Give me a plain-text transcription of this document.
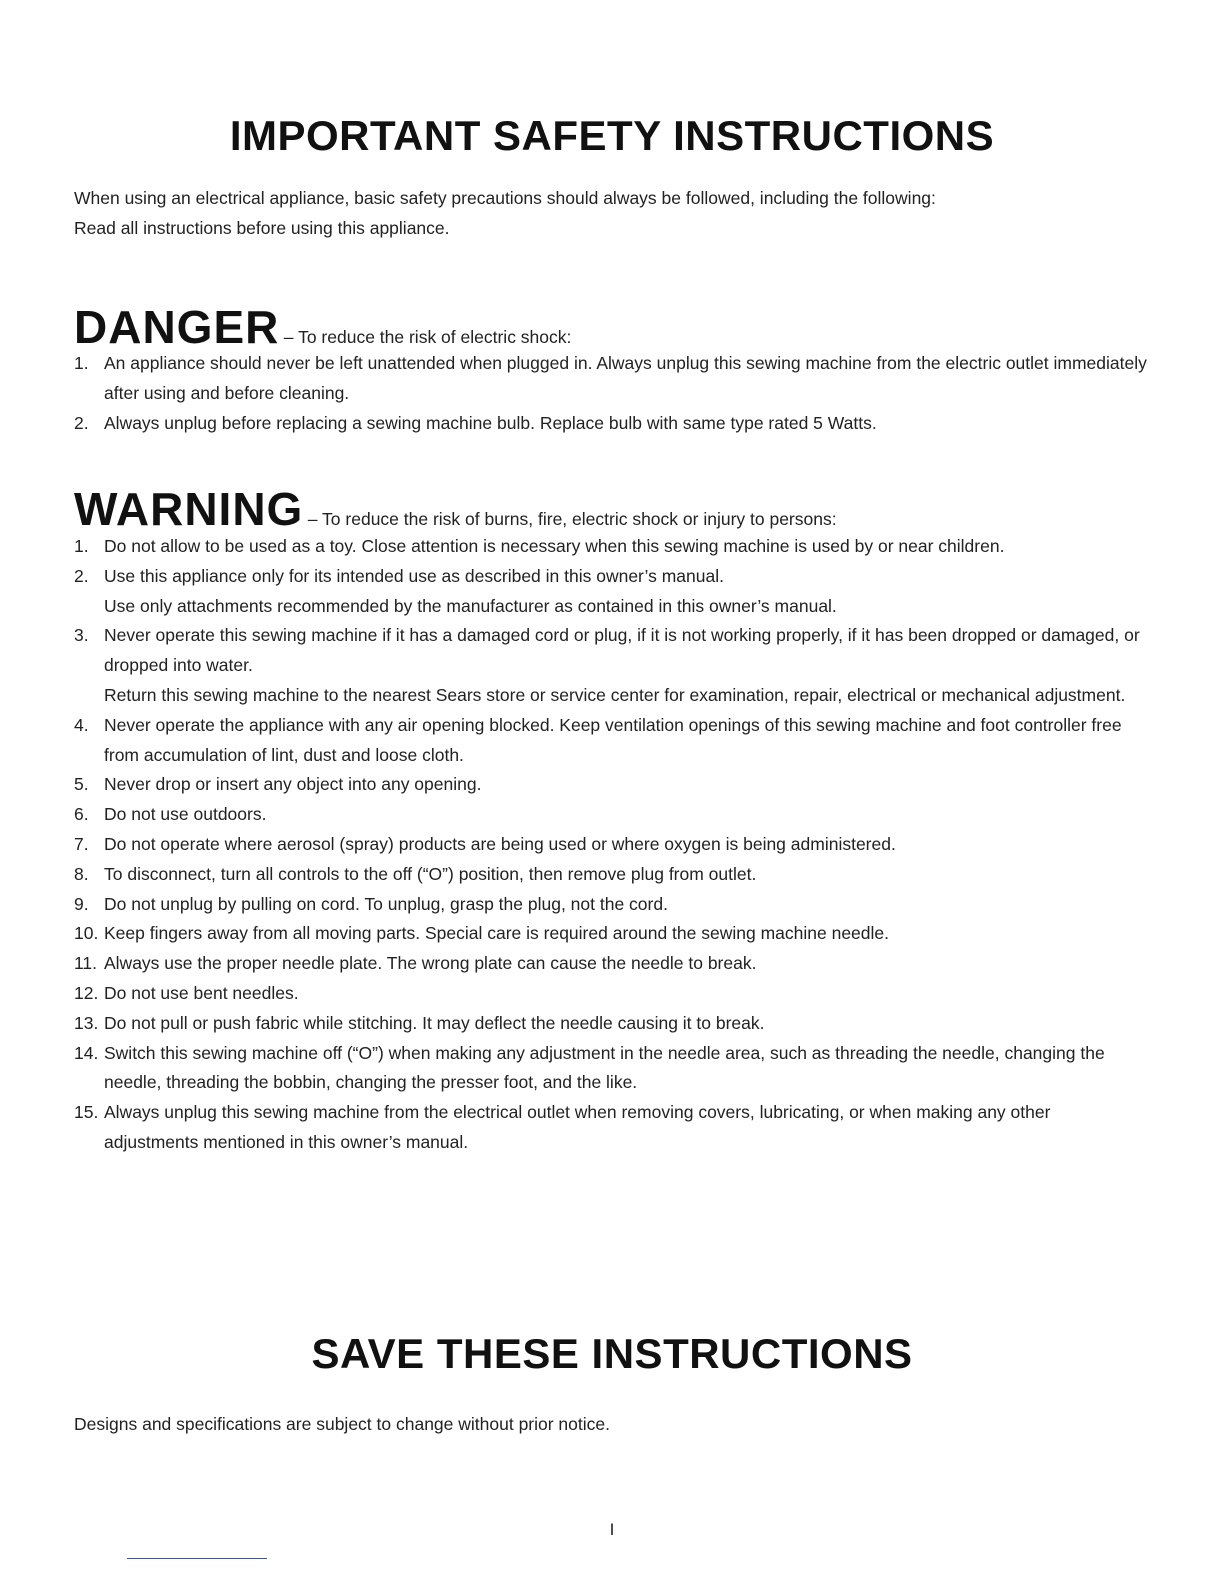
IMPORTANT SAFETY INSTRUCTIONS
When using an electrical appliance, basic safety precautions should always be followed, including the following:
Read all instructions before using this appliance.
DANGER – To reduce the risk of electric shock:
1. An appliance should never be left unattended when plugged in. Always unplug this sewing machine from the electric outlet immediately after using and before cleaning.

2. Always unplug before replacing a sewing machine bulb. Replace bulb with same type rated 5 Watts.

WARNING – To reduce the risk of burns, fire, electric shock or injury to persons:
1. Do not allow to be used as a toy. Close attention is necessary when this sewing machine is used by or near children.

2. Use this appliance only for its intended use as described in this owner’s manual.

Use only attachments recommended by the manufacturer as contained in this owner’s manual.

3. Never operate this sewing machine if it has a damaged cord or plug, if it is not working properly, if it has been dropped or damaged, or dropped into water.

Return this sewing machine to the nearest Sears store or service center for examination, repair, electrical or mechanical adjustment.

4. Never operate the appliance with any air opening blocked. Keep ventilation openings of this sewing machine and foot controller free from accumulation of lint, dust and loose cloth.

5. Never drop or insert any object into any opening.

6. Do not use outdoors.

7. Do not operate where aerosol (spray) products are being used or where oxygen is being administered.

8. To disconnect, turn all controls to the off (“O”) position, then remove plug from outlet.

9. Do not unplug by pulling on cord. To unplug, grasp the plug, not the cord.

10. Keep fingers away from all moving parts. Special care is required around the sewing machine needle.

11. Always use the proper needle plate. The wrong plate can cause the needle to break.

12. Do not use bent needles.

13. Do not pull or push fabric while stitching. It may deflect the needle causing it to break.

14. Switch this sewing machine off (“O”) when making any adjustment in the needle area, such as threading the needle, changing the needle, threading the bobbin, changing the presser foot, and the like.

15. Always unplug this sewing machine from the electrical outlet when removing covers, lubricating, or when making any other adjustments mentioned in this owner’s manual.

SAVE THESE INSTRUCTIONS
Designs and specifications are subject to change without prior notice.
I
